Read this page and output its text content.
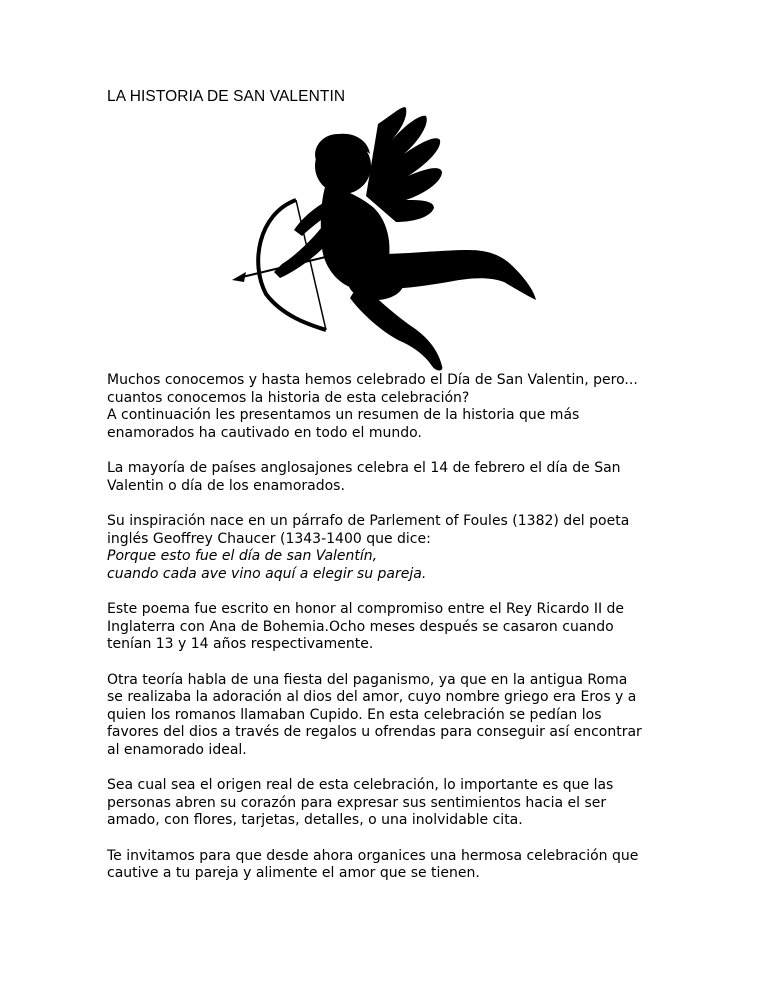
LA HISTORIA DE SAN VALENTIN

Muchos conocemos y hasta hemos celebrado el Día de San Valentin, pero...
cuantos conocemos la historia de esta celebración?
A continuación les presentamos un resumen de la historia que más
enamorados ha cautivado en todo el mundo.

La mayoría de países anglosajones celebra el 14 de febrero el día de San
Valentin o día de los enamorados.

Su inspiración nace en un párrafo de Parlement of Foules (1382) del poeta
inglés Geoffrey Chaucer (1343-1400 que dice:
Porque esto fue el día de san Valentín,
cuando cada ave vino aquí a elegir su pareja.

Este poema fue escrito en honor al compromiso entre el Rey Ricardo II de
Inglaterra con Ana de Bohemia.Ocho meses después se casaron cuando
tenían 13 y 14 años respectivamente.

Otra teoría habla de una fiesta del paganismo, ya que en la antigua Roma
se realizaba la adoración al dios del amor, cuyo nombre griego era Eros y a
quien los romanos llamaban Cupido. En esta celebración se pedían los
favores del dios a través de regalos u ofrendas para conseguir así encontrar
al enamorado ideal.

Sea cual sea el origen real de esta celebración, lo importante es que las
personas abren su corazón para expresar sus sentimientos hacia el ser
amado, con flores, tarjetas, detalles, o una inolvidable cita.

Te invitamos para que desde ahora organices una hermosa celebración que
cautive a tu pareja y alimente el amor que se tienen.
